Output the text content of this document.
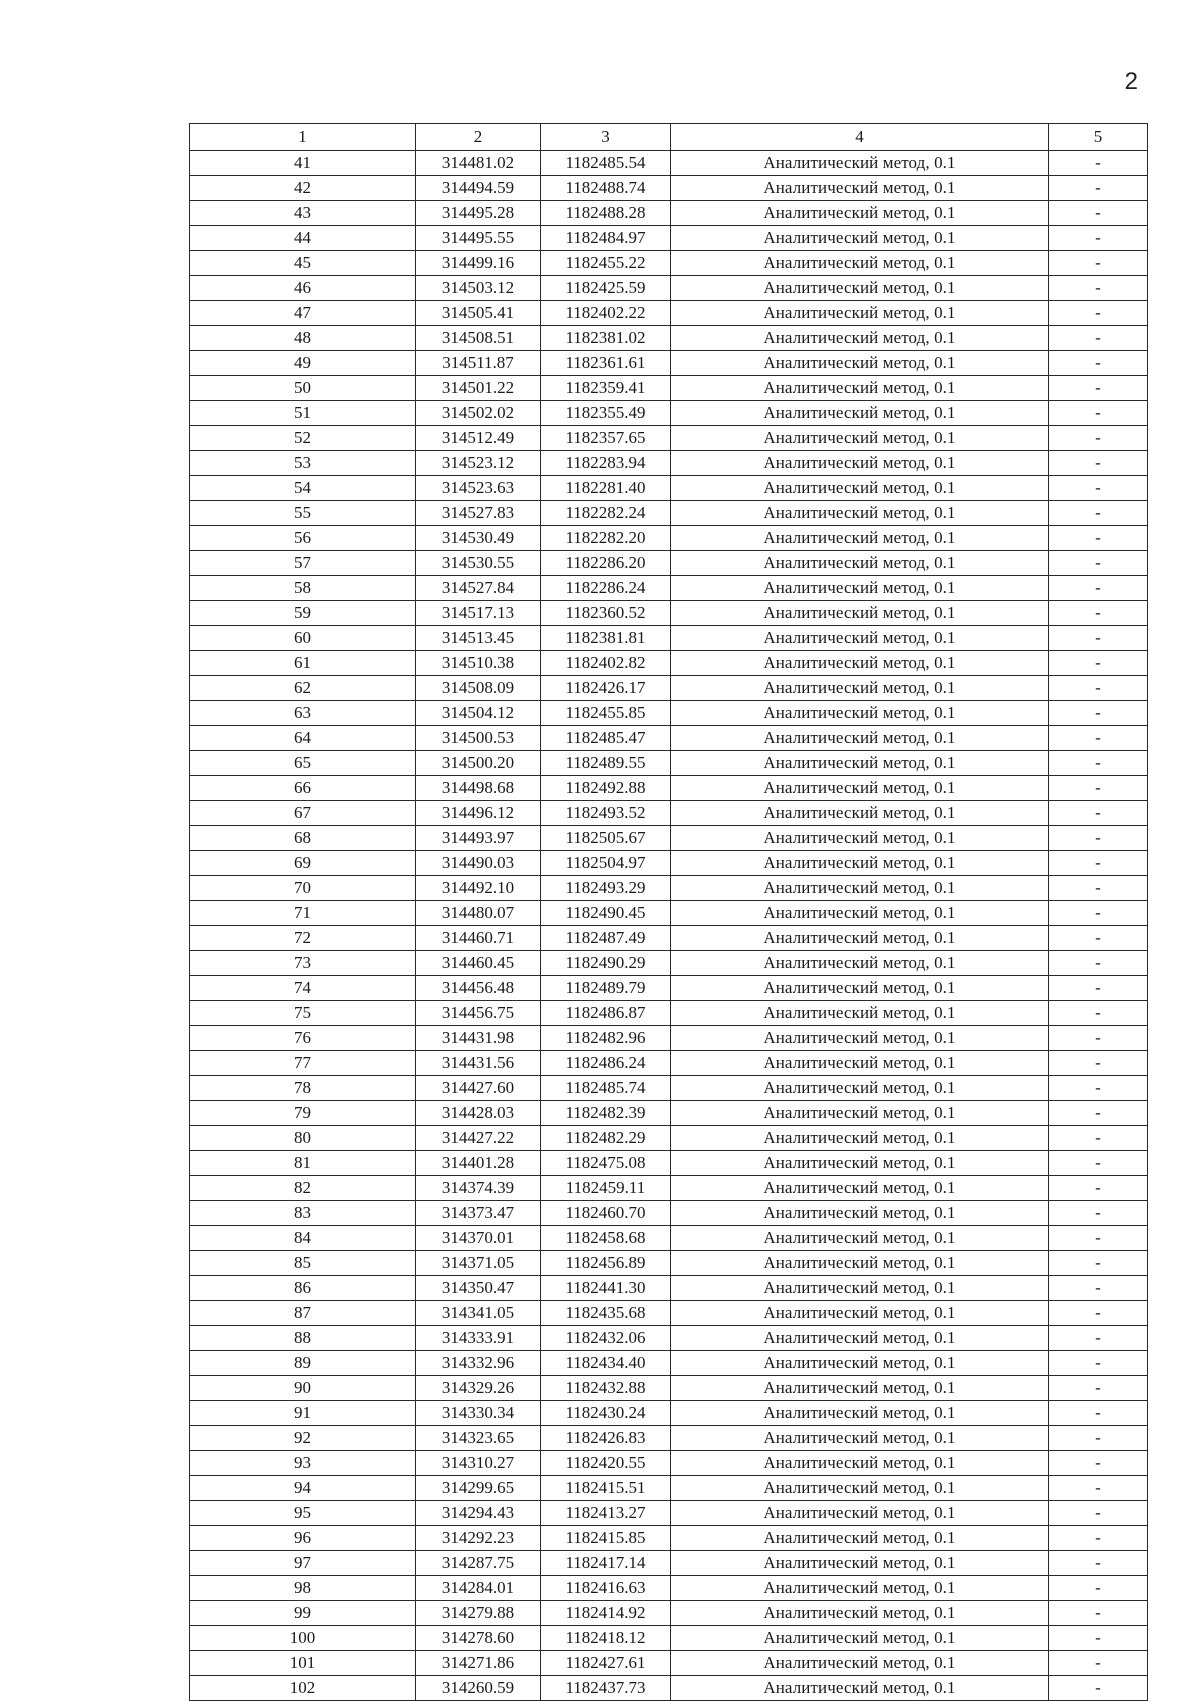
2
1	2	3	4	5
41	314481.02	1182485.54	Аналитический метод, 0.1	-
42	314494.59	1182488.74	Аналитический метод, 0.1	-
43	314495.28	1182488.28	Аналитический метод, 0.1	-
44	314495.55	1182484.97	Аналитический метод, 0.1	-
45	314499.16	1182455.22	Аналитический метод, 0.1	-
46	314503.12	1182425.59	Аналитический метод, 0.1	-
47	314505.41	1182402.22	Аналитический метод, 0.1	-
48	314508.51	1182381.02	Аналитический метод, 0.1	-
49	314511.87	1182361.61	Аналитический метод, 0.1	-
50	314501.22	1182359.41	Аналитический метод, 0.1	-
51	314502.02	1182355.49	Аналитический метод, 0.1	-
52	314512.49	1182357.65	Аналитический метод, 0.1	-
53	314523.12	1182283.94	Аналитический метод, 0.1	-
54	314523.63	1182281.40	Аналитический метод, 0.1	-
55	314527.83	1182282.24	Аналитический метод, 0.1	-
56	314530.49	1182282.20	Аналитический метод, 0.1	-
57	314530.55	1182286.20	Аналитический метод, 0.1	-
58	314527.84	1182286.24	Аналитический метод, 0.1	-
59	314517.13	1182360.52	Аналитический метод, 0.1	-
60	314513.45	1182381.81	Аналитический метод, 0.1	-
61	314510.38	1182402.82	Аналитический метод, 0.1	-
62	314508.09	1182426.17	Аналитический метод, 0.1	-
63	314504.12	1182455.85	Аналитический метод, 0.1	-
64	314500.53	1182485.47	Аналитический метод, 0.1	-
65	314500.20	1182489.55	Аналитический метод, 0.1	-
66	314498.68	1182492.88	Аналитический метод, 0.1	-
67	314496.12	1182493.52	Аналитический метод, 0.1	-
68	314493.97	1182505.67	Аналитический метод, 0.1	-
69	314490.03	1182504.97	Аналитический метод, 0.1	-
70	314492.10	1182493.29	Аналитический метод, 0.1	-
71	314480.07	1182490.45	Аналитический метод, 0.1	-
72	314460.71	1182487.49	Аналитический метод, 0.1	-
73	314460.45	1182490.29	Аналитический метод, 0.1	-
74	314456.48	1182489.79	Аналитический метод, 0.1	-
75	314456.75	1182486.87	Аналитический метод, 0.1	-
76	314431.98	1182482.96	Аналитический метод, 0.1	-
77	314431.56	1182486.24	Аналитический метод, 0.1	-
78	314427.60	1182485.74	Аналитический метод, 0.1	-
79	314428.03	1182482.39	Аналитический метод, 0.1	-
80	314427.22	1182482.29	Аналитический метод, 0.1	-
81	314401.28	1182475.08	Аналитический метод, 0.1	-
82	314374.39	1182459.11	Аналитический метод, 0.1	-
83	314373.47	1182460.70	Аналитический метод, 0.1	-
84	314370.01	1182458.68	Аналитический метод, 0.1	-
85	314371.05	1182456.89	Аналитический метод, 0.1	-
86	314350.47	1182441.30	Аналитический метод, 0.1	-
87	314341.05	1182435.68	Аналитический метод, 0.1	-
88	314333.91	1182432.06	Аналитический метод, 0.1	-
89	314332.96	1182434.40	Аналитический метод, 0.1	-
90	314329.26	1182432.88	Аналитический метод, 0.1	-
91	314330.34	1182430.24	Аналитический метод, 0.1	-
92	314323.65	1182426.83	Аналитический метод, 0.1	-
93	314310.27	1182420.55	Аналитический метод, 0.1	-
94	314299.65	1182415.51	Аналитический метод, 0.1	-
95	314294.43	1182413.27	Аналитический метод, 0.1	-
96	314292.23	1182415.85	Аналитический метод, 0.1	-
97	314287.75	1182417.14	Аналитический метод, 0.1	-
98	314284.01	1182416.63	Аналитический метод, 0.1	-
99	314279.88	1182414.92	Аналитический метод, 0.1	-
100	314278.60	1182418.12	Аналитический метод, 0.1	-
101	314271.86	1182427.61	Аналитический метод, 0.1	-
102	314260.59	1182437.73	Аналитический метод, 0.1	-
